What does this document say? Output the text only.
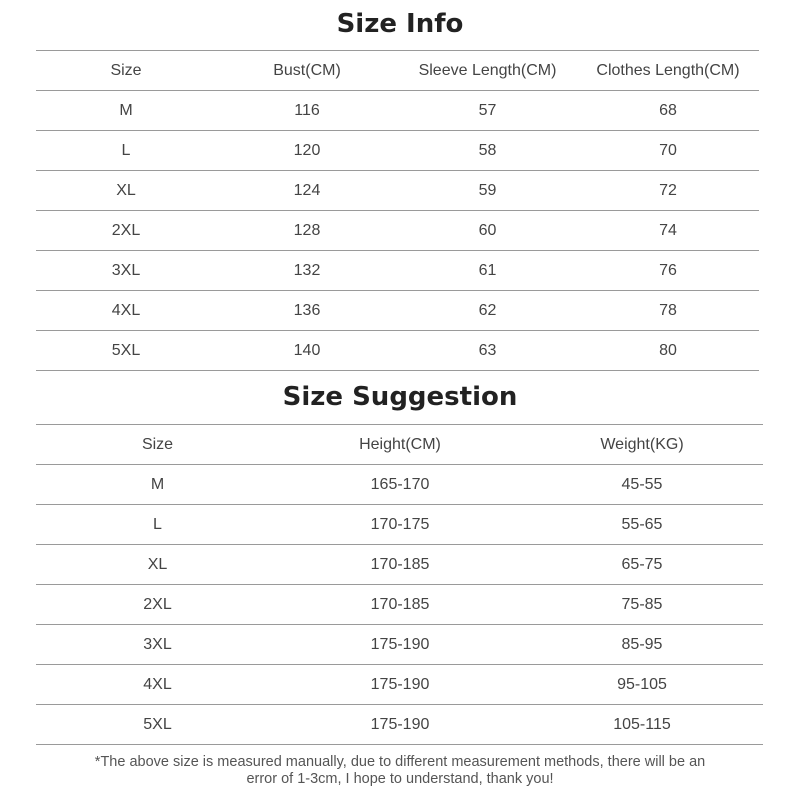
Size Info
Size	Bust(CM)	Sleeve Length(CM)	Clothes Length(CM)
M	116	57	68
L	120	58	70
XL	124	59	72
2XL	128	60	74
3XL	132	61	76
4XL	136	62	78
5XL	140	63	80
Size Suggestion
Size	Height(CM)	Weight(KG)
M	165-170	45-55
L	170-175	55-65
XL	170-185	65-75
2XL	170-185	75-85
3XL	175-190	85-95
4XL	175-190	95-105
5XL	175-190	105-115
*The above size is measured manually, due to different measurement methods, there will be an
error of 1-3cm, I hope to understand, thank you!
